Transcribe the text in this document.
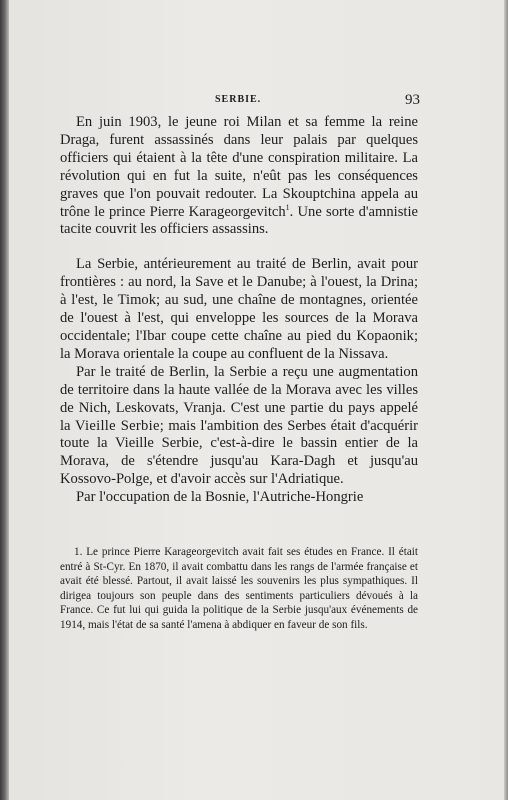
SERBIE.	93

En juin 1903, le jeune roi Milan et sa femme la reine Draga, furent assassinés dans leur palais par quelques officiers qui étaient à la tête d'une conspiration militaire. La révolution qui en fut la suite, n'eût pas les conséquences graves que l'on pouvait redouter. La Skouptchina appela au trône le prince Pierre Karageorgevitch$^1$. Une sorte d'amnistie tacite couvrit les officiers assassins.

La Serbie, antérieurement au traité de Berlin, avait pour frontières : au nord, la Save et le Danube; à l'ouest, la Drina; à l'est, le Timok; au sud, une chaîne de montagnes, orientée de l'ouest à l'est, qui enveloppe les sources de la Morava occidentale; l'Ibar coupe cette chaîne au pied du Kopaonik; la Morava orientale la coupe au confluent de la Nissava.

Par le traité de Berlin, la Serbie a reçu une augmentation de territoire dans la haute vallée de la Morava avec les villes de Nich, Leskovats, Vranja. C'est une partie du pays appelé la Vieille Serbie; mais l'ambition des Serbes était d'acquérir toute la Vieille Serbie, c'est-à-dire le bassin entier de la Morava, de s'étendre jusqu'au Kara-Dagh et jusqu'au Kossovo-Polge, et d'avoir accès sur l'Adriatique.

Par l'occupation de la Bosnie, l'Autriche-Hongrie

1. Le prince Pierre Karageorgevitch avait fait ses études en France. Il était entré à St-Cyr. En 1870, il avait combattu dans les rangs de l'armée française et avait été blessé. Partout, il avait laissé les souvenirs les plus sympathiques. Il dirigea toujours son peuple dans des sentiments particuliers dévoués à la France. Ce fut lui qui guida la politique de la Serbie jusqu'aux événements de 1914, mais l'état de sa santé l'amena à abdiquer en faveur de son fils.
